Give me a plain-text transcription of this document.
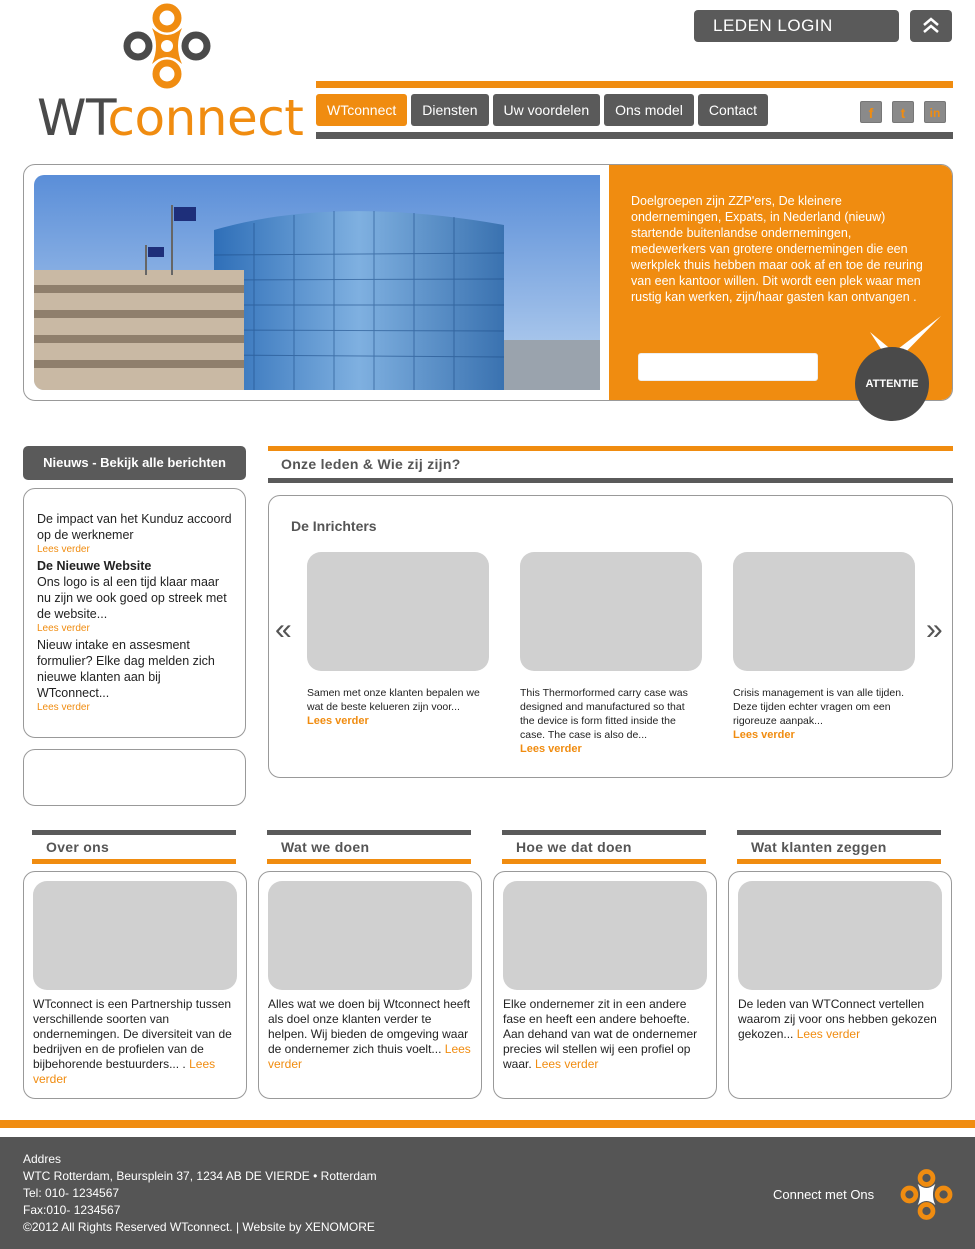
WTconnect
LEDEN LOGIN
WTconnect	Diensten	Uw voordelen	Ons model	Contact	f	t	in
Doelgroepen zijn ZZP'ers, De kleinere ondernemingen, Expats, in Nederland (nieuw) startende buitenlandse ondernemingen, medewerkers van grotere ondernemingen die een werkplek thuis hebben maar ook af en toe de reuring van een kantoor willen. Dit wordt een plek waar men rustig kan werken, zijn/haar gasten kan ontvangen .
ATTENTIE
Nieuws - Bekijk alle berichten
De impact van het Kunduz accoord op de werknemer
Lees verder
De Nieuwe Website
Ons logo is al een tijd klaar maar nu zijn we ook goed op streek met de website...
Lees verder
Nieuw intake en assesment formulier? Elke dag melden zich nieuwe klanten aan bij WTconnect...
Lees verder
Onze leden & Wie zij zijn?
De Inrichters
«	»
Samen met onze klanten bepalen we wat de beste kelueren zijn voor...
Lees verder
This Thermorformed carry case was designed and manufactured so that the device is form fitted inside the case. The case is also de...
Lees verder
Crisis management is van alle tijden. Deze tijden echter vragen om een rigoreuze aanpak...
Lees verder
Over ons
WTconnect is een Partnership tussen verschillende soorten van ondernemingen. De diversiteit van de bedrijven en de profielen van de bijbehorende bestuurders... . Lees verder
Wat we doen
Alles wat we doen bij Wtconnect heeft als doel onze klanten verder te helpen. Wij bieden de omgeving waar de ondernemer zich thuis voelt... Lees verder
Hoe we dat doen
Elke ondernemer zit in een andere fase en heeft een andere behoefte. Aan dehand van wat de ondernemer precies wil stellen wij een profiel op waar. Lees verder
Wat klanten zeggen
De leden van WTConnect vertellen waarom zij voor ons hebben gekozen gekozen... Lees verder
Addres
WTC Rotterdam, Beursplein 37, 1234 AB DE VIERDE • Rotterdam
Tel: 010- 1234567
Fax:010- 1234567
©2012 All Rights Reserved WTconnect. | Website by XENOMORE
Connect met Ons
